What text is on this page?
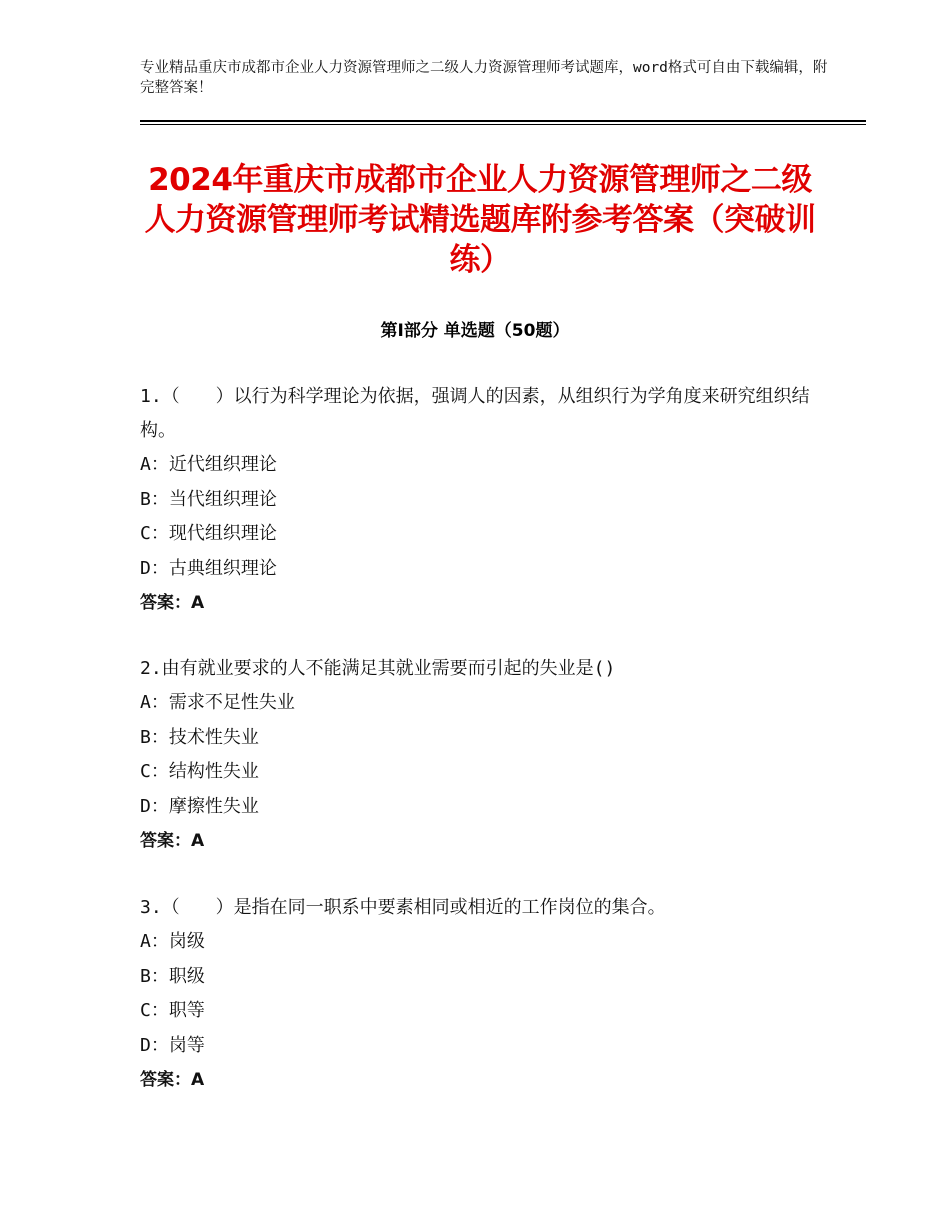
专业精品重庆市成都市企业人力资源管理师之二级人力资源管理师考试题库，word格式可自由下载编辑，附完整答案！
2024年重庆市成都市企业人力资源管理师之二级人力资源管理师考试精选题库附参考答案（突破训练）
第Ⅰ部分 单选题（50题）
1.（　　）以行为科学理论为依据，强调人的因素，从组织行为学角度来研究组织结构。
A：近代组织理论
B：当代组织理论
C：现代组织理论
D：古典组织理论
答案：A
2.由有就业要求的人不能满足其就业需要而引起的失业是()
A：需求不足性失业
B：技术性失业
C：结构性失业
D：摩擦性失业
答案：A
3.（　　）是指在同一职系中要素相同或相近的工作岗位的集合。
A：岗级
B：职级
C：职等
D：岗等
答案：A
